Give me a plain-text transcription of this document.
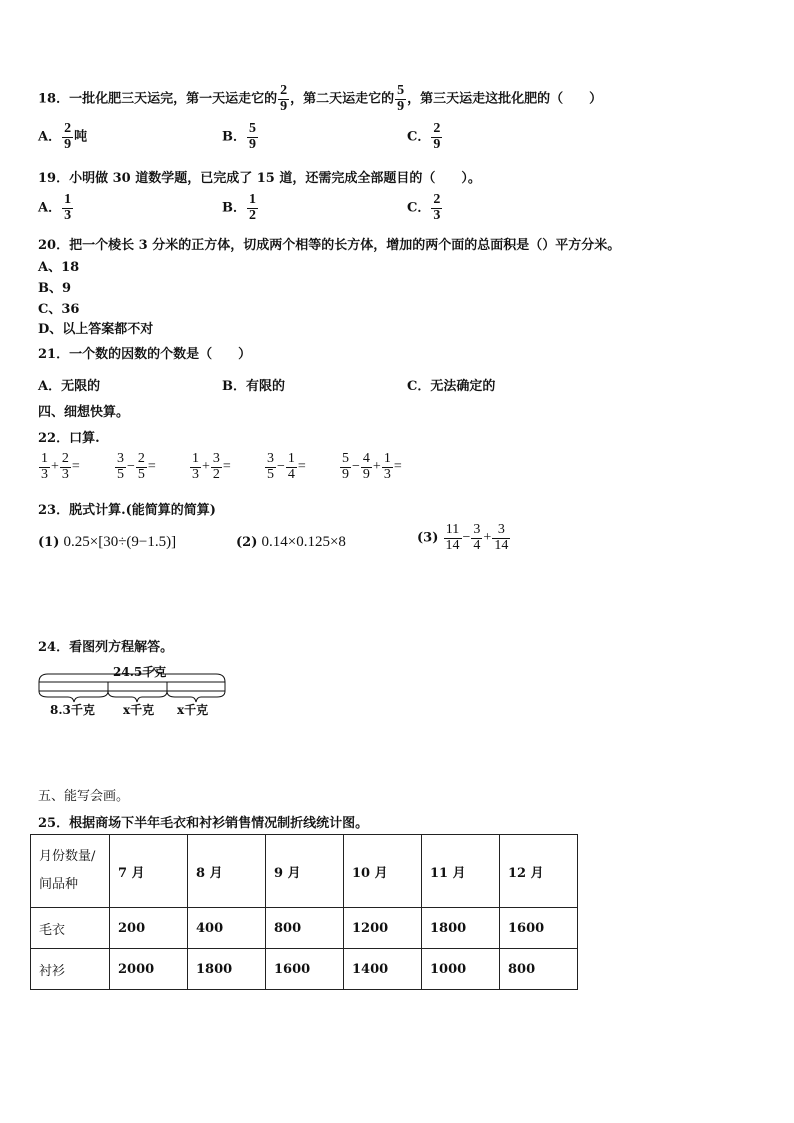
18．一批化肥三天运完，第一天运走它的 $\frac{2}{9}$ ，第二天运走它的 $\frac{5}{9}$ ，第三天运走这批化肥的（　　）
A． $\frac{2}{9}$ 吨	B． $\frac{5}{9}$	C． $\frac{2}{9}$
19．小明做 30 道数学题，已完成了 15 道，还需完成全部题目的（　　）。
A． $\frac{1}{3}$	B． $\frac{1}{2}$	C． $\frac{2}{3}$
20．把一个棱长 3 分米的正方体，切成两个相等的长方体，增加的两个面的总面积是（）平方分米。
A、18
B、9
C、36
D、以上答案都不对
21．一个数的因数的个数是（　　）
A．无限的	B．有限的	C．无法确定的
四、细想快算。
22．口算.
$\frac{1}{3} + \frac{2}{3}$ =	$\frac{3}{5} - \frac{2}{5} = \frac{1}{3} + \frac{3}{2} = \frac{3}{5} - \frac{1}{4} = \frac{5}{9} - \frac{4}{9} + \frac{1}{3}$ =
23．脱式计算.(能简算的简算)
(1) 0.25×[30÷(9−1.5)]	(2) 0.14×0.125×8	$(3) \frac{11}{14} - \frac{3}{4} + \frac{3}{14}$
24．看图列方程解答。
24.5千克
8.3千克 x千克 x千克
五、能写会画。
25．根据商场下半年毛衣和衬衫销售情况制折线统计图。
月份数量/
间品种	7 月	8 月	9 月	10 月	11 月	12 月
毛衣	200	400	800	1200	1800	1600
衬衫	2000	1800	1600	1400	1000	800
